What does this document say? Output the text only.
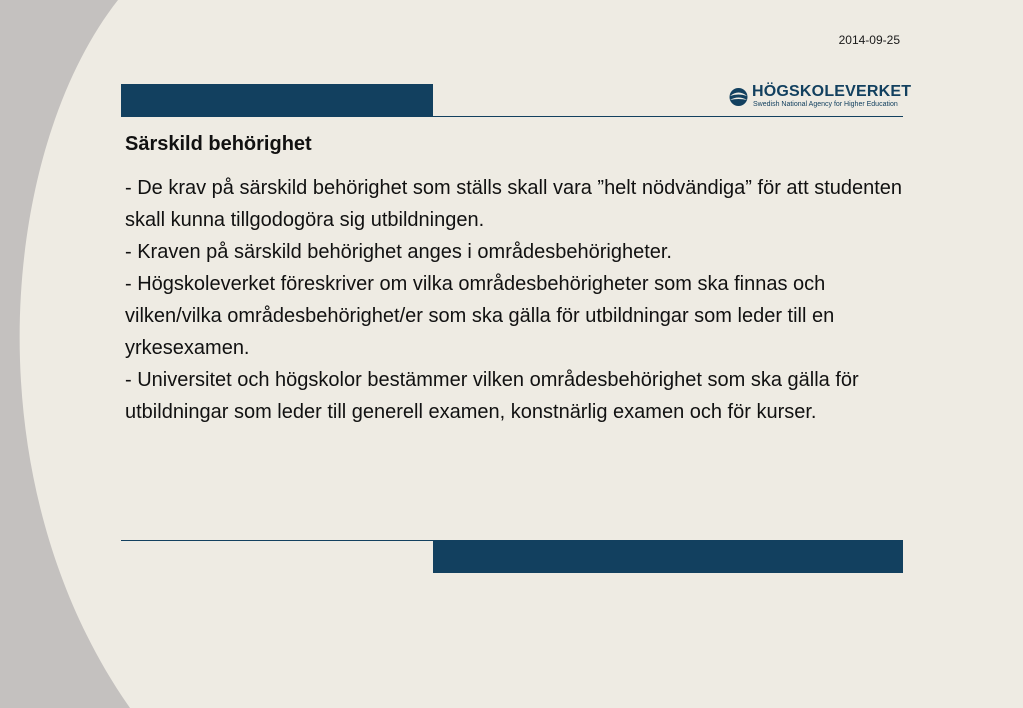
2014-09-25
HÖGSKOLEVERKET
Swedish National Agency for Higher Education
Särskild behörighet

- De krav på särskild behörighet som ställs skall vara ”helt nödvändiga” för att studenten skall kunna tillgodogöra sig utbildningen.

- Kraven på särskild behörighet anges i områdesbehörigheter.

- Högskoleverket föreskriver om vilka områdesbehörigheter som ska finnas och vilken/vilka områdesbehörighet/er som ska gälla för utbildningar som leder till en yrkesexamen.

- Universitet och högskolor bestämmer vilken områdesbehörighet som ska gälla för utbildningar som leder till generell examen, konstnärlig examen och för kurser.
